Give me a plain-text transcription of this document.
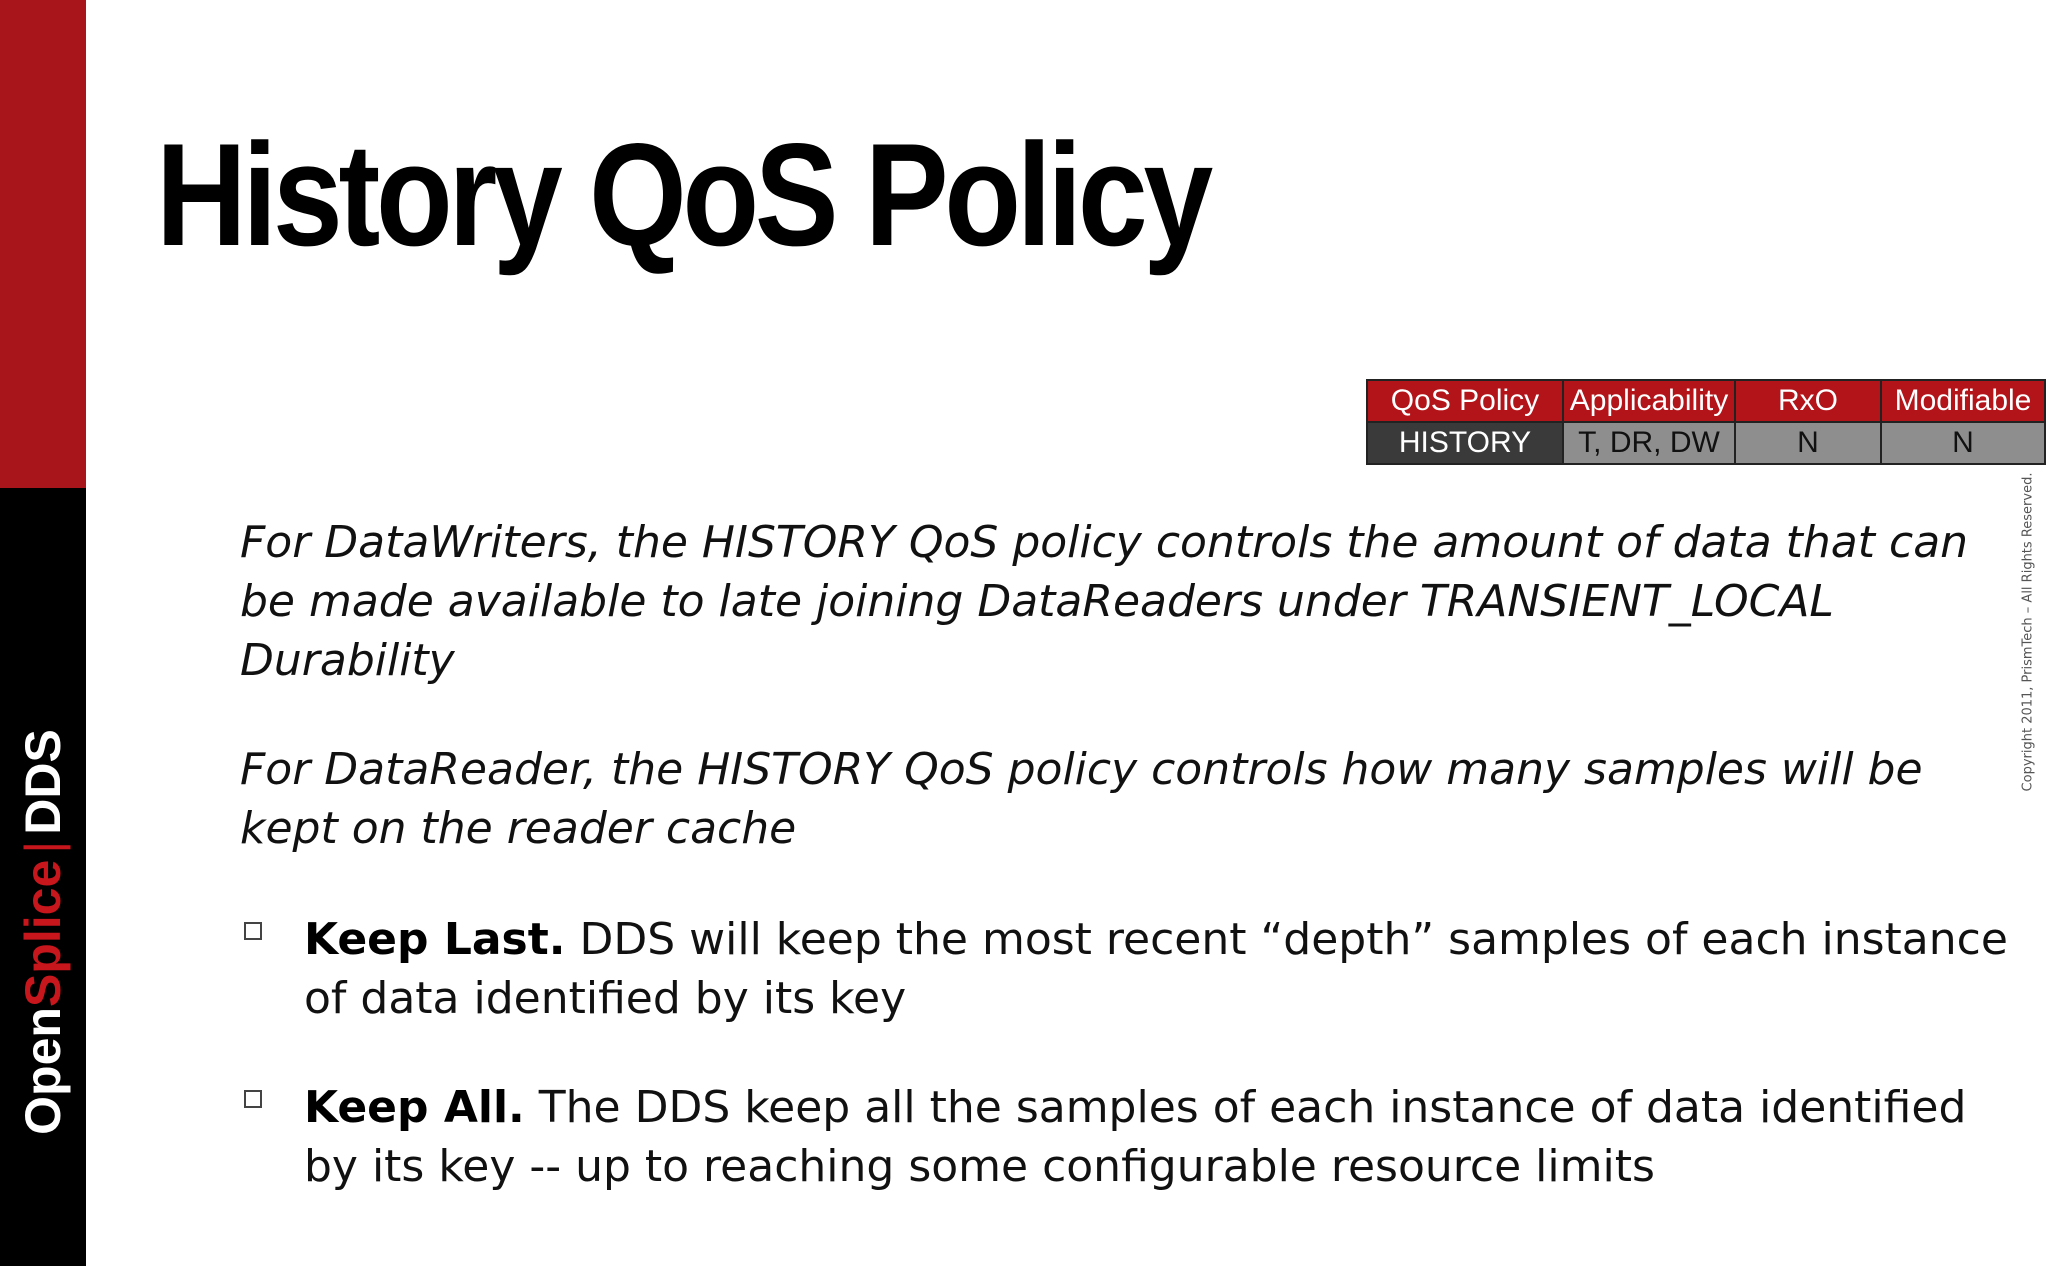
OpenSplice|DDS
History QoS Policy
QoS Policy	Applicability	RxO	Modifiable
HISTORY	T, DR, DW	N	N
Copyright 2011, PrismTech – All Rights Reserved.

For DataWriters, the HISTORY QoS policy controls the amount of data that can be made available to late joining DataReaders under TRANSIENT_LOCAL Durability

For DataReader, the HISTORY QoS policy controls how many samples will be kept on the reader cache

Keep Last. DDS will keep the most recent “depth” samples of each instance of data identified by its key

Keep All. The DDS keep all the samples of each instance of data identified by its key -- up to reaching some configurable resource limits
